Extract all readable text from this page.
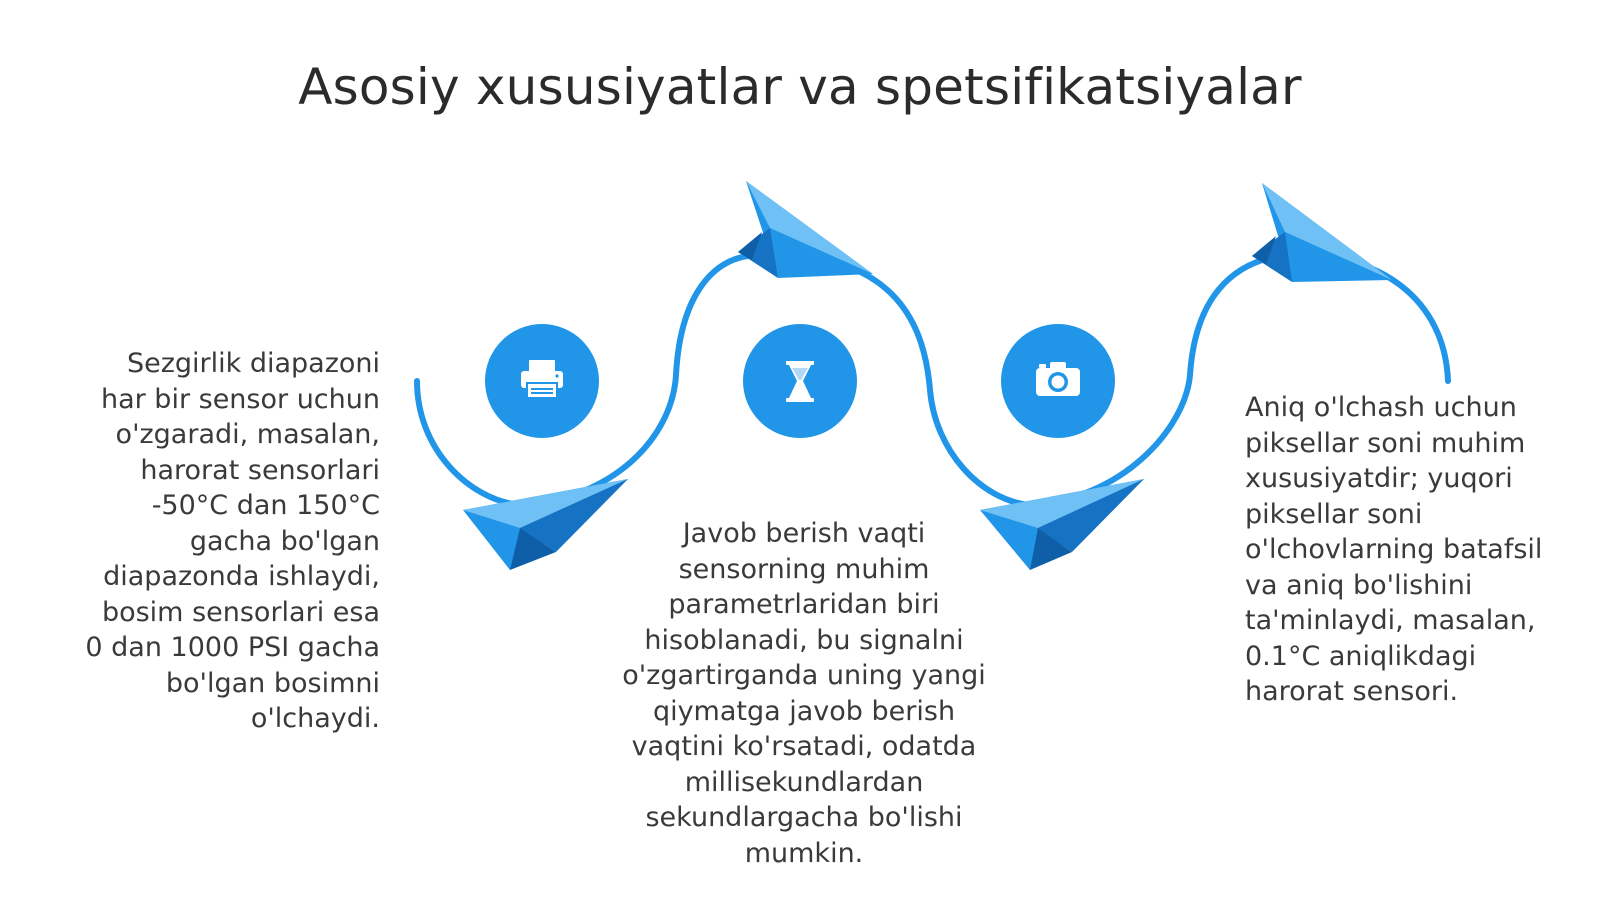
Asosiy xususiyatlar va spetsifikatsiyalar
Sezgirlik diapazoni
har bir sensor uchun
o'zgaradi, masalan,
harorat sensorlari
-50°C dan 150°C
gacha bo'lgan
diapazonda ishlaydi,
bosim sensorlari esa
0 dan 1000 PSI gacha
bo'lgan bosimni
o'lchaydi.
Javob berish vaqti
sensorning muhim
parametrlaridan biri
hisoblanadi, bu signalni
o'zgartirganda uning yangi
qiymatga javob berish
vaqtini ko'rsatadi, odatda
millisekundlardan
sekundlargacha bo'lishi
mumkin.
Aniq o'lchash uchun
piksellar soni muhim
xususiyatdir; yuqori
piksellar soni
o'lchovlarning batafsil
va aniq bo'lishini
ta'minlaydi, masalan,
0.1°C aniqlikdagi
harorat sensori.
